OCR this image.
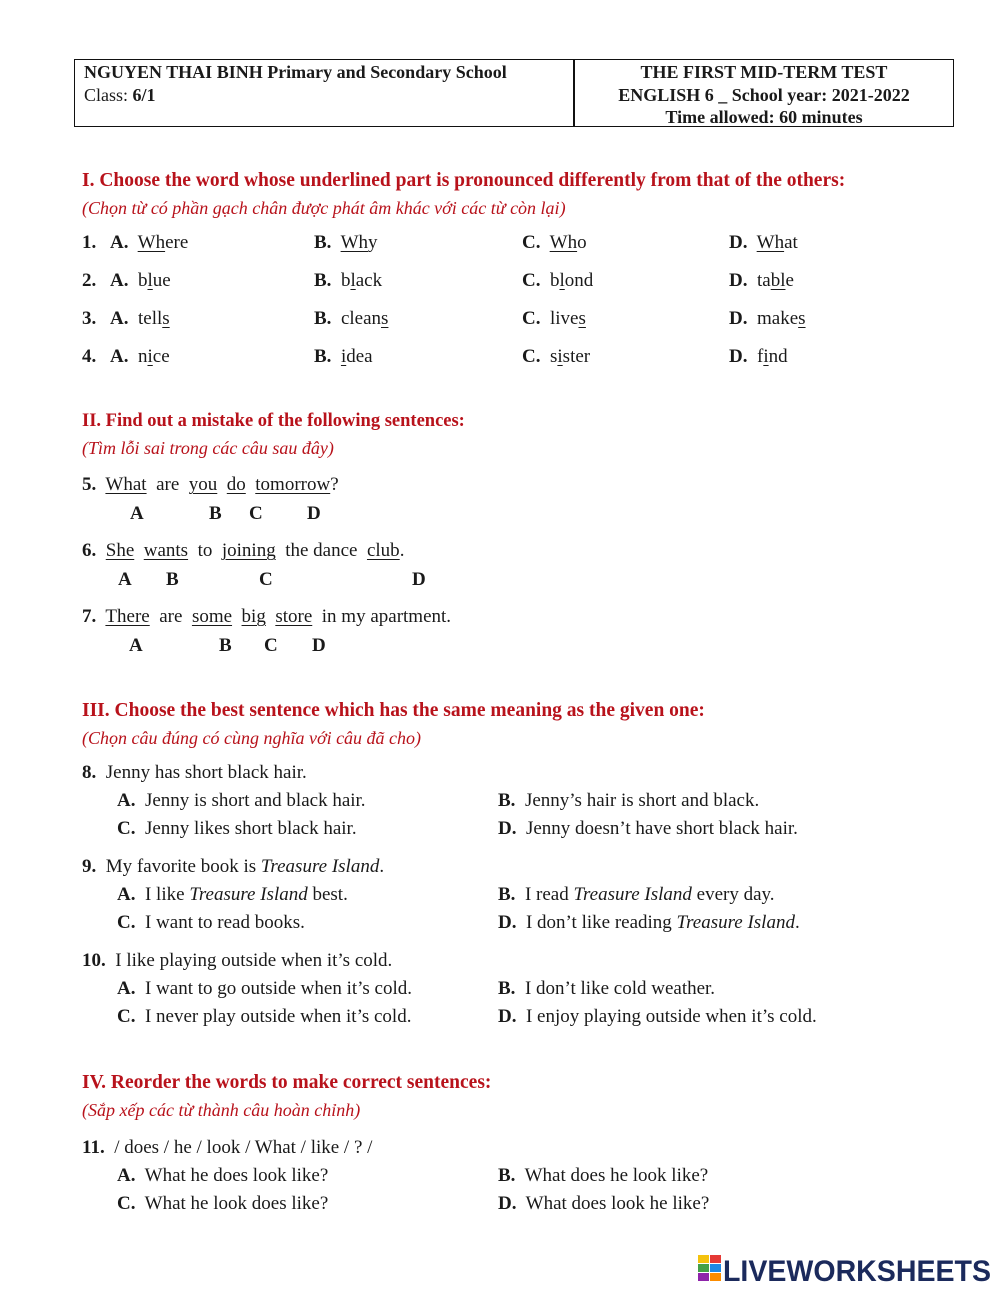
NGUYEN THAI BINH Primary and Secondary School
Class: 6/1
THE FIRST MID-TERM TEST
ENGLISH 6 _ School year: 2021-2022
Time allowed: 60 minutes
I. Choose the word whose underlined part is pronounced differently from that of the others:
(Chọn từ có phần gạch chân được phát âm khác với các từ còn lại)
1. A. Where	B. Why	C. Who	D. What
2. A. blue	B. black	C. blond	D. table
3. A. tells	B. cleans	C. lives	D. makes
4. A. nice	B. idea	C. sister	D. find
II. Find out a mistake of the following sentences:
(Tìm lỗi sai trong các câu sau đây)
5. What are you do tomorrow?
A	B C D
6. She wants to joining the dance club.
A B	C	D
7. There are some big store in my apartment.
A	B C D
III. Choose the best sentence which has the same meaning as the given one:
(Chọn câu đúng có cùng nghĩa với câu đã cho)
8. Jenny has short black hair.
A. Jenny is short and black hair.	B. Jenny’s hair is short and black.
C. Jenny likes short black hair.	D. Jenny doesn’t have short black hair.
9. My favorite book is Treasure Island.
A. I like Treasure Island best.	B. I read Treasure Island every day.
C. I want to read books.	D. I don’t like reading Treasure Island.
10. I like playing outside when it’s cold.
A. I want to go outside when it’s cold.	B. I don’t like cold weather.
C. I never play outside when it’s cold.	D. I enjoy playing outside when it’s cold.
IV. Reorder the words to make correct sentences:
(Sắp xếp các từ thành câu hoàn chỉnh)
11. / does / he / look / What / like / ? /
A. What he does look like?	B. What does he look like?
C. What he look does like?	D. What does look he like?
LIVEWORKSHEETS
